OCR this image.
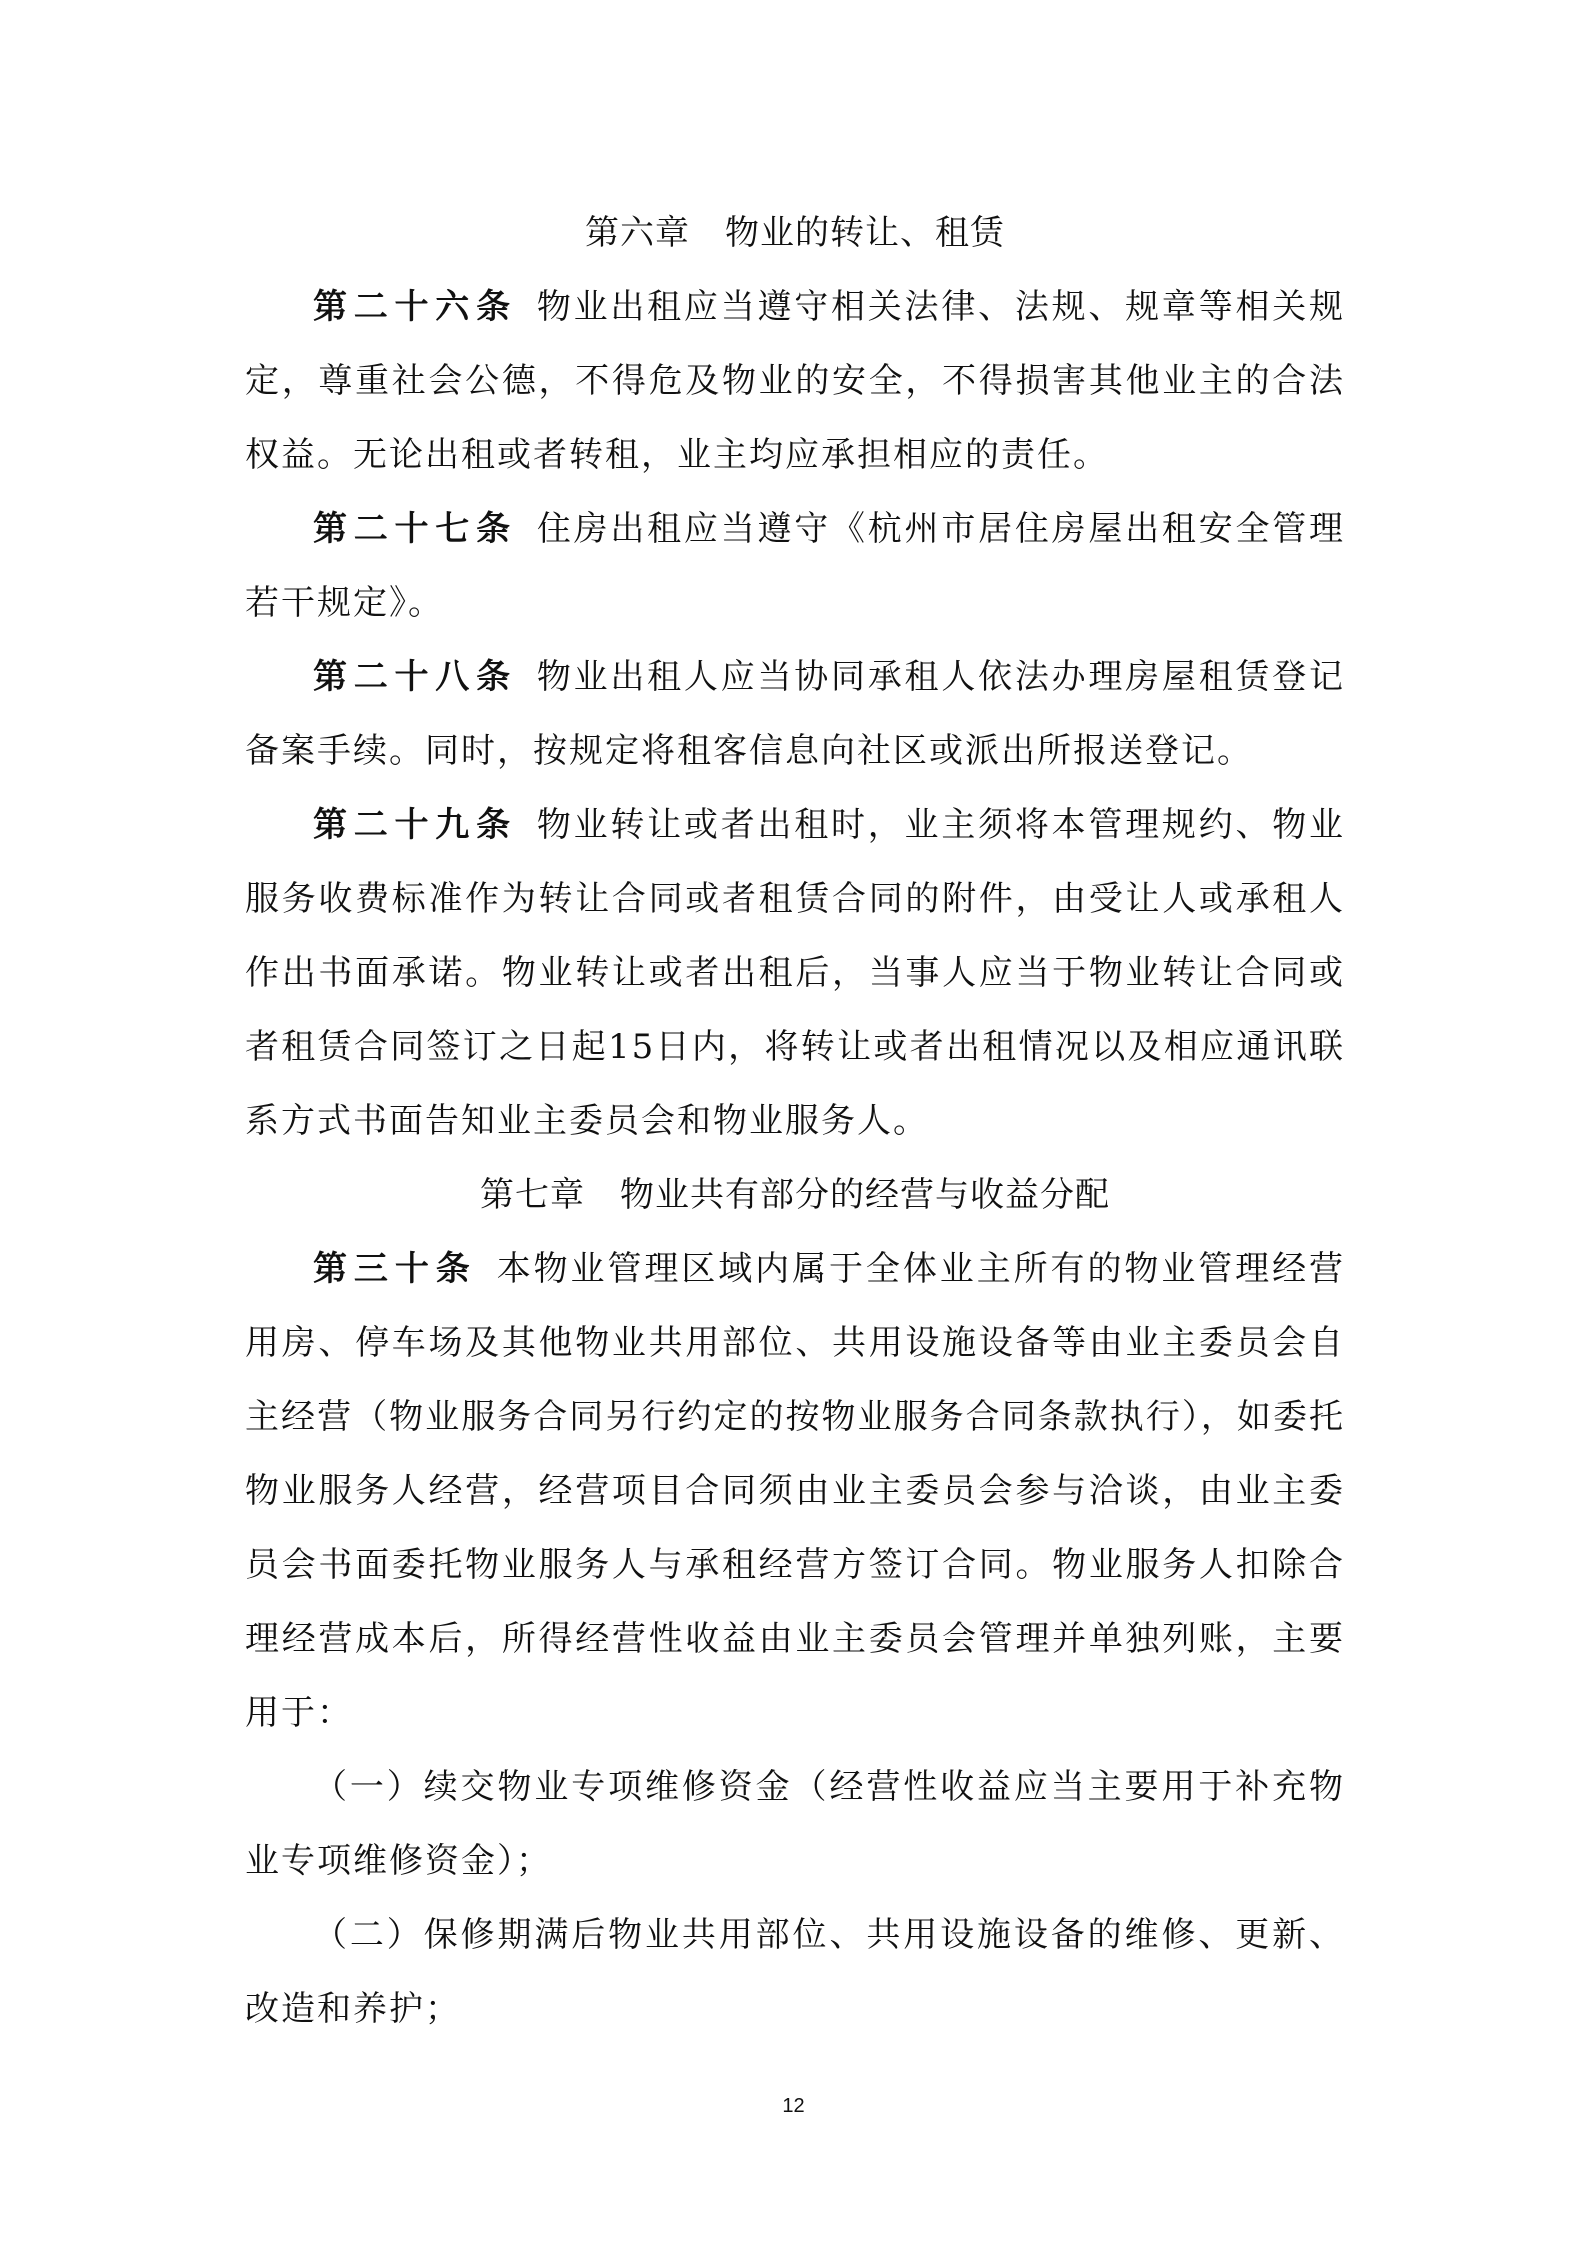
第六章　物业的转让、租赁

第二十六条 物业出租应当遵守相关法律、法规、规章等相关规定，尊重社会公德，不得危及物业的安全，不得损害其他业主的合法权益。无论出租或者转租，业主均应承担相应的责任。

第二十七条 住房出租应当遵守《杭州市居住房屋出租安全管理若干规定》。

第二十八条 物业出租人应当协同承租人依法办理房屋租赁登记备案手续。同时，按规定将租客信息向社区或派出所报送登记。

第二十九条 物业转让或者出租时，业主须将本管理规约、物业服务收费标准作为转让合同或者租赁合同的附件，由受让人或承租人作出书面承诺。物业转让或者出租后，当事人应当于物业转让合同或者租赁合同签订之日起15日内，将转让或者出租情况以及相应通讯联系方式书面告知业主委员会和物业服务人。

第七章　物业共有部分的经营与收益分配

第三十条 本物业管理区域内属于全体业主所有的物业管理经营用房、停车场及其他物业共用部位、共用设施设备等由业主委员会自主经营（物业服务合同另行约定的按物业服务合同条款执行），如委托物业服务人经营，经营项目合同须由业主委员会参与洽谈，由业主委员会书面委托物业服务人与承租经营方签订合同。物业服务人扣除合理经营成本后，所得经营性收益由业主委员会管理并单独列账，主要用于：

（一）续交物业专项维修资金（经营性收益应当主要用于补充物业专项维修资金）；

（二）保修期满后物业共用部位、共用设施设备的维修、更新、改造和养护；

12
